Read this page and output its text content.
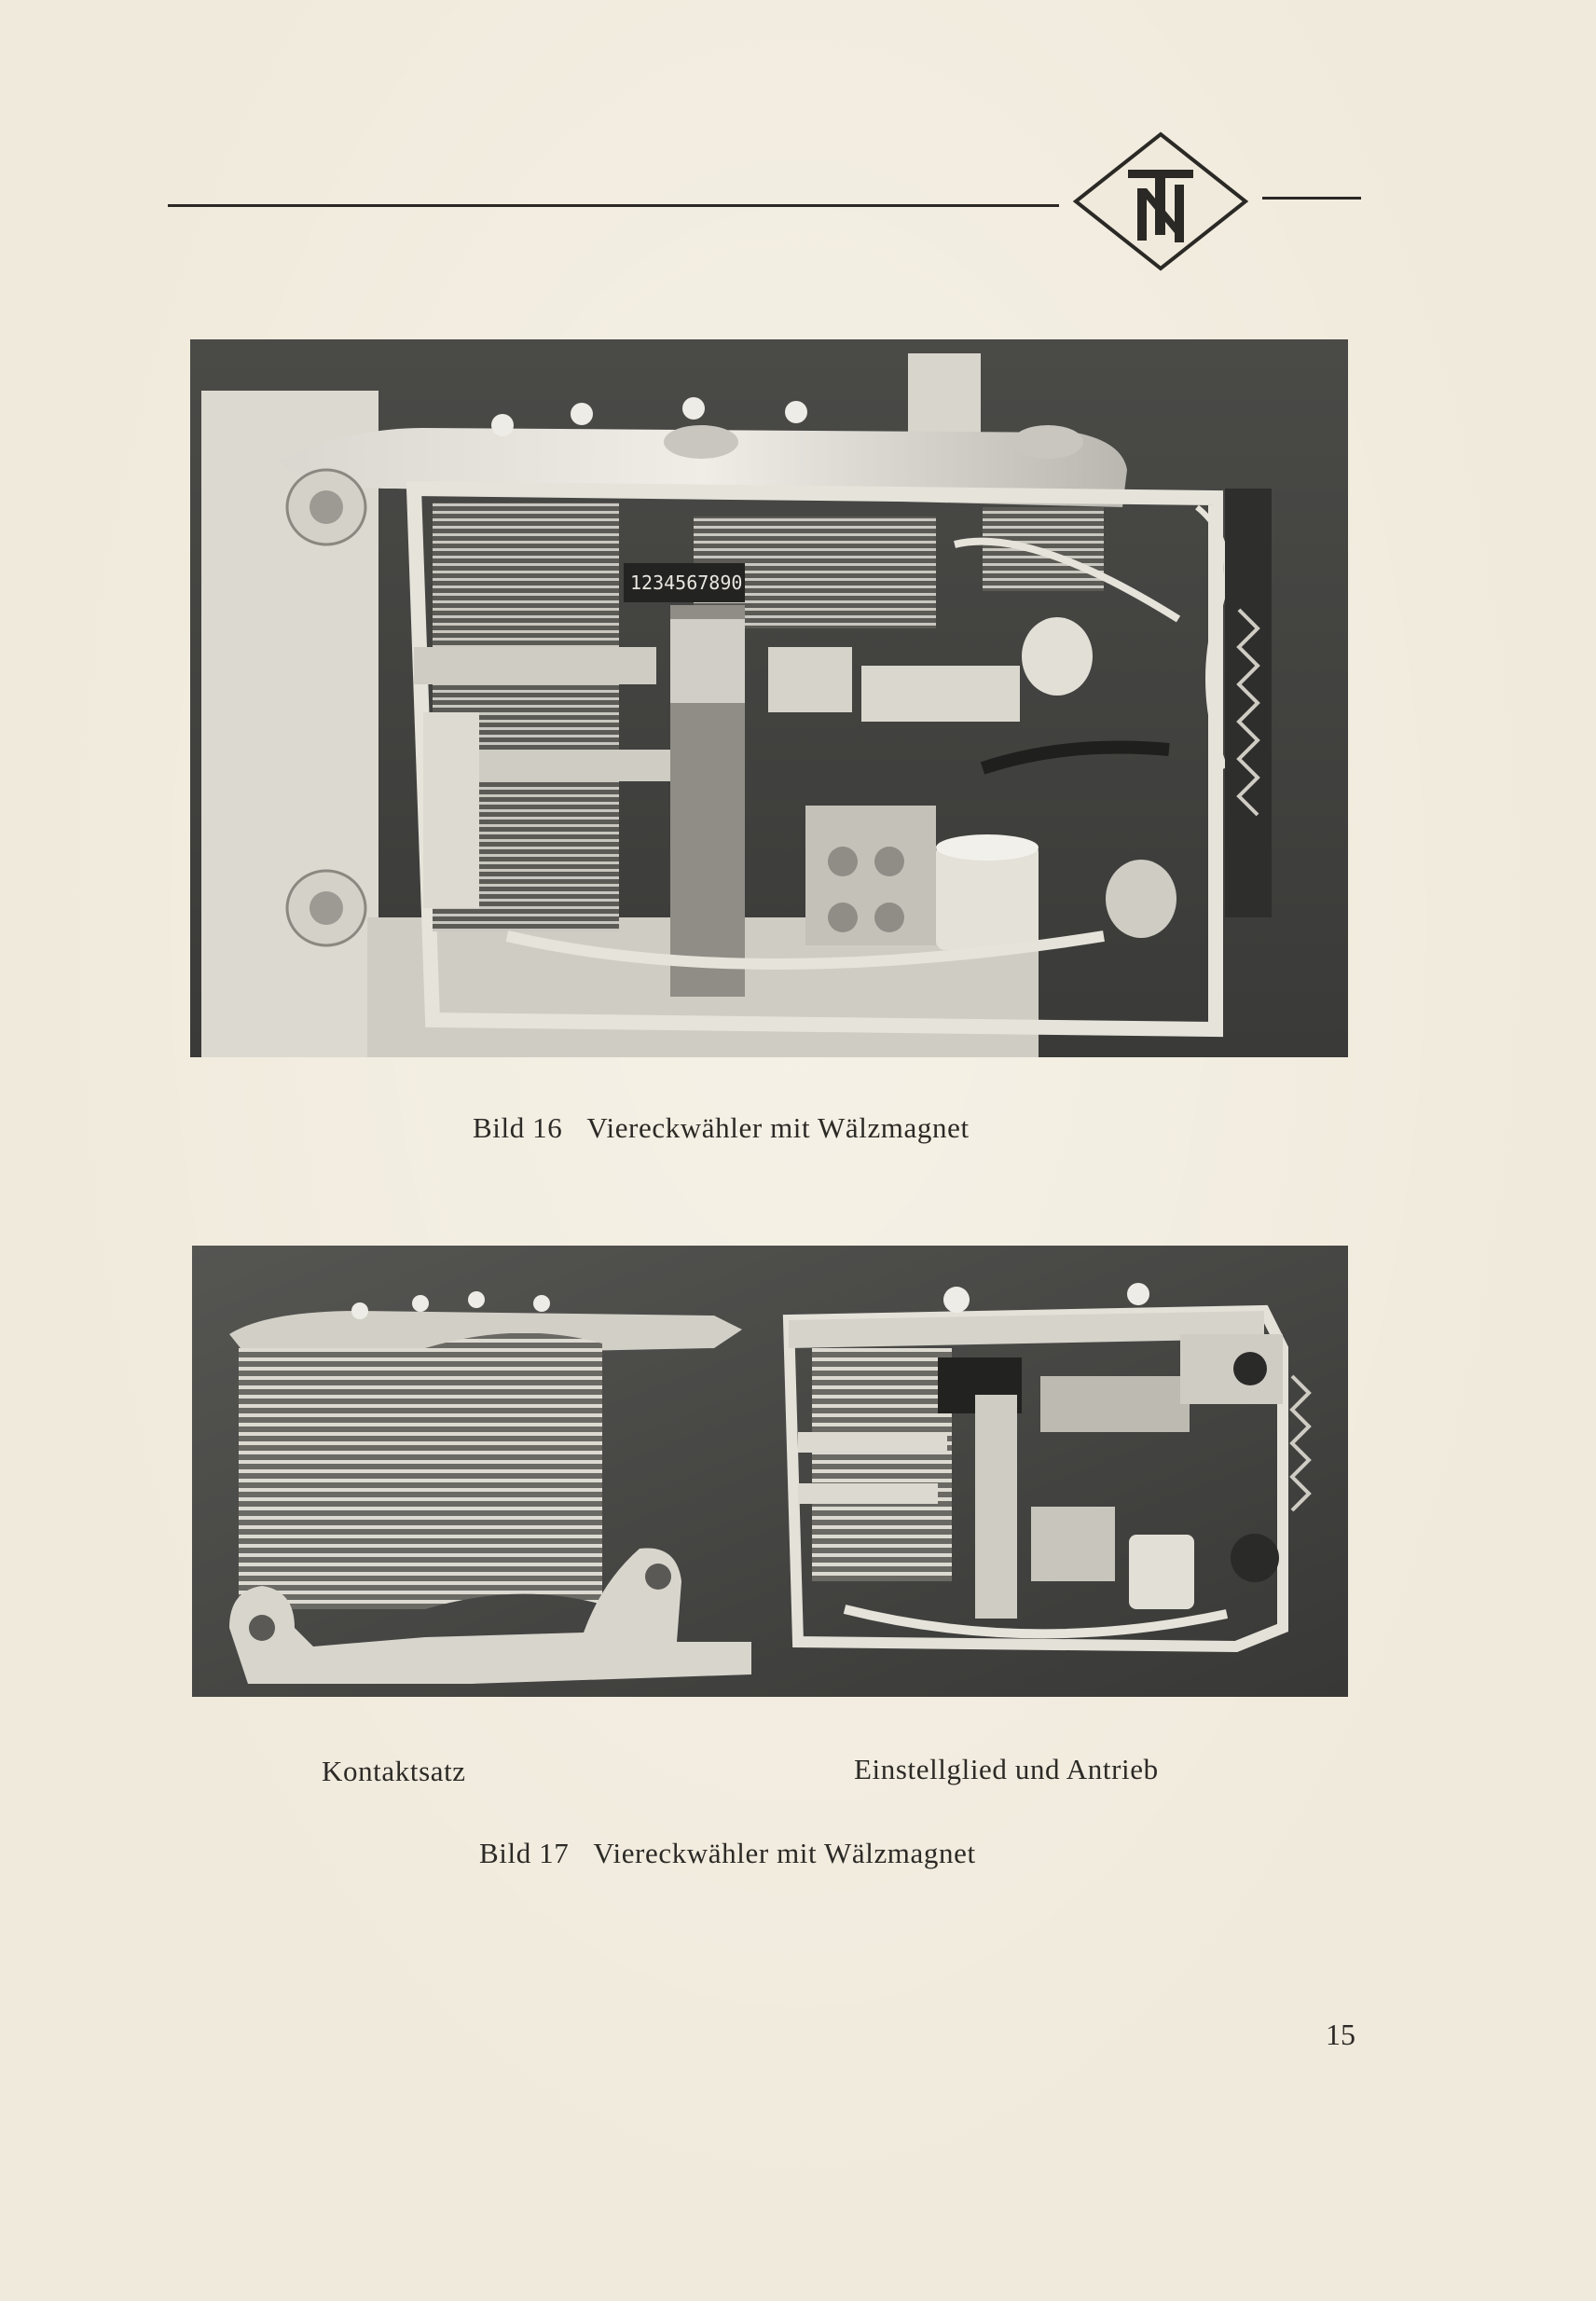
1234567890
Bild 16 Viereckwähler mit Wälzmagnet
Kontaktsatz	Einstellglied und Antrieb
Bild 17 Viereckwähler mit Wälzmagnet
15
